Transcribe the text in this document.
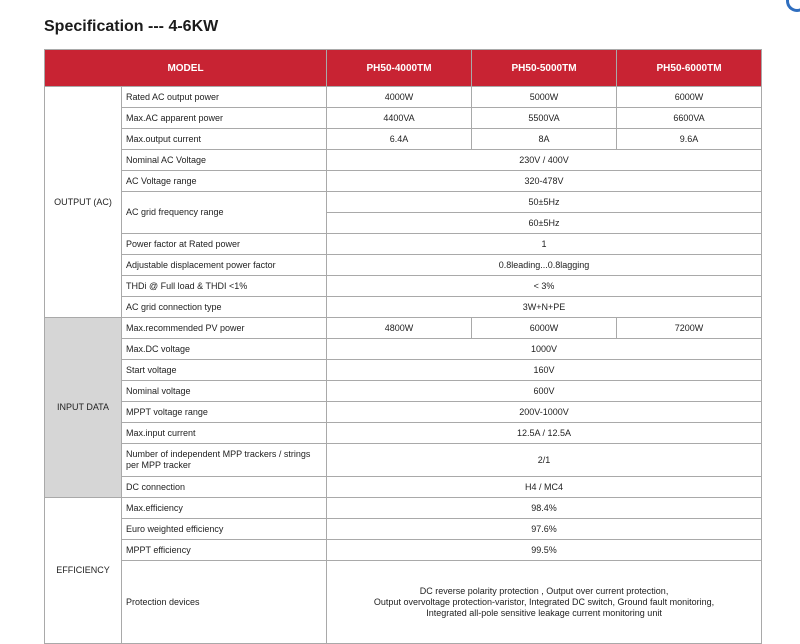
Specification --- 4-6KW
MODEL		PH50-4000TM	PH50-5000TM	PH50-6000TM
OUTPUT (AC)	Rated AC output power	4000W	5000W	6000W
	Max.AC apparent power	4400VA	5500VA	6600VA
	Max.output current	6.4A	8A	9.6A
	Nominal AC Voltage	230V / 400V		
	AC Voltage range	320-478V		
	AC grid frequency range	50±5Hz		
		60±5Hz		
	Power factor at Rated power	1		
	Adjustable displacement power factor	0.8leading...0.8lagging		
	THDi @ Full load & THDI <1%	< 3%		
	AC grid connection type	3W+N+PE		
INPUT DATA	Max.recommended PV power	4800W	6000W	7200W
	Max.DC voltage	1000V		
	Start voltage	160V		
	Nominal voltage	600V		
	MPPT voltage range	200V-1000V		
	Max.input current	12.5A / 12.5A		
	Number of independent MPP trackers / strings per MPP tracker	2/1		
	DC connection	H4 / MC4		
EFFICIENCY	Max.efficiency	98.4%		
	Euro weighted efficiency	97.6%		
	MPPT efficiency	99.5%		
	Protection devices	DC reverse polarity protection , Output over current protection,
Output overvoltage protection-varistor, Integrated DC switch, Ground fault monitoring,
Integrated all-pole sensitive leakage current monitoring unit		
